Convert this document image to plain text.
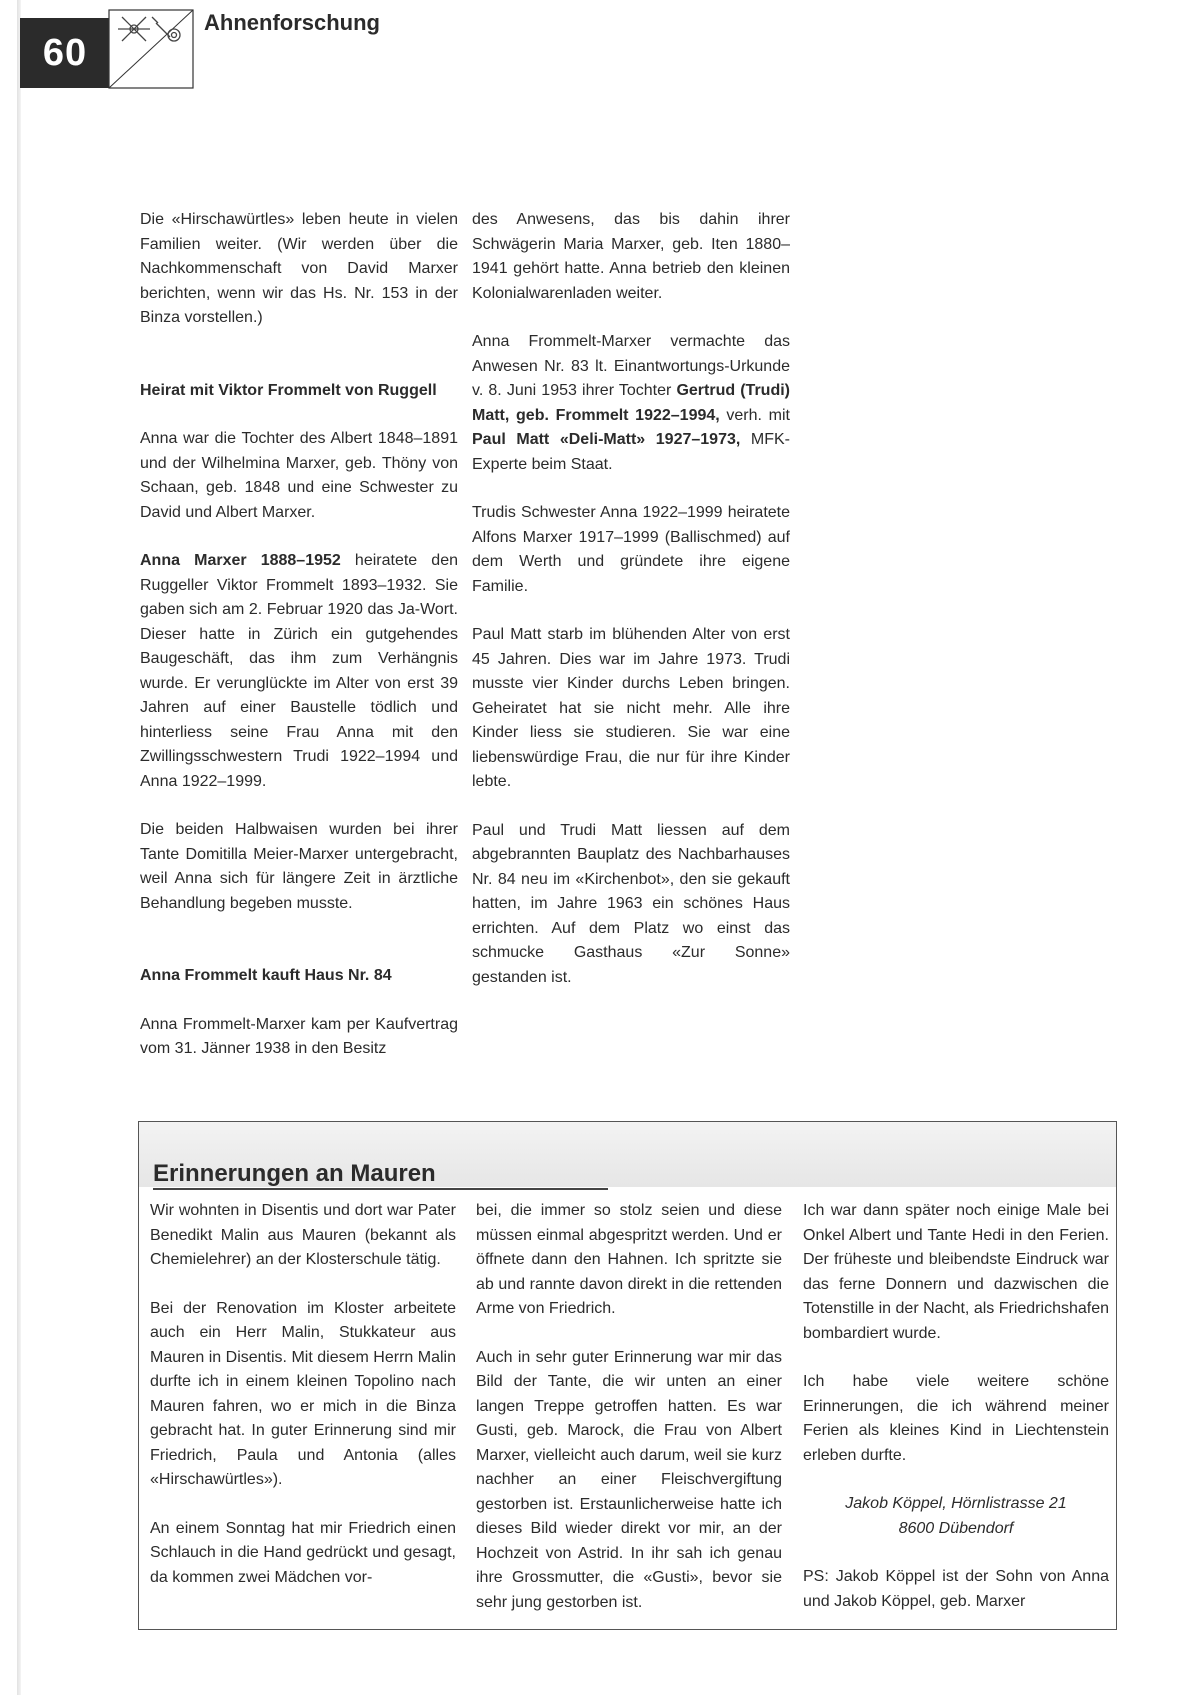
60
Ahnenforschung

Die «Hirschawürtles» leben heute in vielen Familien weiter. (Wir werden über die Nachkommenschaft von David Marxer berichten, wenn wir das Hs. Nr. 153 in der Binza vorstellen.)

Heirat mit Viktor Frommelt von Ruggell

Anna war die Tochter des Albert 1848–1891 und der Wilhelmina Marxer, geb. Thöny von Schaan, geb. 1848 und eine Schwester zu David und Albert Marxer.

Anna Marxer 1888–1952 heiratete den Ruggeller Viktor Frommelt 1893–1932. Sie gaben sich am 2. Februar 1920 das Ja-Wort. Dieser hatte in Zürich ein gutgehendes Baugeschäft, das ihm zum Verhängnis wurde. Er verunglückte im Alter von erst 39 Jahren auf einer Baustelle tödlich und hinterliess seine Frau Anna mit den Zwillingsschwestern Trudi 1922–1994 und Anna 1922–1999.

Die beiden Halbwaisen wurden bei ihrer Tante Domitilla Meier-Marxer untergebracht, weil Anna sich für längere Zeit in ärztliche Behandlung begeben musste.

Anna Frommelt kauft Haus Nr. 84

Anna Frommelt-Marxer kam per Kaufvertrag vom 31. Jänner 1938 in den Besitz

des Anwesens, das bis dahin ihrer Schwägerin Maria Marxer, geb. Iten 1880–1941 gehört hatte. Anna betrieb den kleinen Kolonialwarenladen weiter.

Anna Frommelt-Marxer vermachte das Anwesen Nr. 83 lt. Einantwortungs-Urkunde v. 8. Juni 1953 ihrer Tochter Gertrud (Trudi) Matt, geb. Frommelt 1922–1994, verh. mit Paul Matt «Deli-Matt» 1927–1973, MFK-Experte beim Staat.

Trudis Schwester Anna 1922–1999 heiratete Alfons Marxer 1917–1999 (Ballischmed) auf dem Werth und gründete ihre eigene Familie.

Paul Matt starb im blühenden Alter von erst 45 Jahren. Dies war im Jahre 1973. Trudi musste vier Kinder durchs Leben bringen. Geheiratet hat sie nicht mehr. Alle ihre Kinder liess sie studieren. Sie war eine liebenswürdige Frau, die nur für ihre Kinder lebte.

Paul und Trudi Matt liessen auf dem abgebrannten Bauplatz des Nachbarhauses Nr. 84 neu im «Kirchenbot», den sie gekauft hatten, im Jahre 1963 ein schönes Haus errichten. Auf dem Platz wo einst das schmucke Gasthaus «Zur Sonne» gestanden ist.

Erinnerungen an Mauren

Wir wohnten in Disentis und dort war Pater Benedikt Malin aus Mauren (bekannt als Chemielehrer) an der Klosterschule tätig.

Bei der Renovation im Kloster arbeitete auch ein Herr Malin, Stukkateur aus Mauren in Disentis. Mit diesem Herrn Malin durfte ich in einem kleinen Topolino nach Mauren fahren, wo er mich in die Binza gebracht hat. In guter Erinnerung sind mir Friedrich, Paula und Antonia (alles «Hirschawürtles»).

An einem Sonntag hat mir Friedrich einen Schlauch in die Hand gedrückt und gesagt, da kommen zwei Mädchen vor-

bei, die immer so stolz seien und diese müssen einmal abgespritzt werden. Und er öffnete dann den Hahnen. Ich spritzte sie ab und rannte davon direkt in die rettenden Arme von Friedrich.

Auch in sehr guter Erinnerung war mir das Bild der Tante, die wir unten an einer langen Treppe getroffen hatten. Es war Gusti, geb. Marock, die Frau von Albert Marxer, vielleicht auch darum, weil sie kurz nachher an einer Fleischvergiftung gestorben ist. Erstaunlicherweise hatte ich dieses Bild wieder direkt vor mir, an der Hochzeit von Astrid. In ihr sah ich genau ihre Grossmutter, die «Gusti», bevor sie sehr jung gestorben ist.

Ich war dann später noch einige Male bei Onkel Albert und Tante Hedi in den Ferien. Der früheste und bleibendste Eindruck war das ferne Donnern und dazwischen die Totenstille in der Nacht, als Friedrichshafen bombardiert wurde.

Ich habe viele weitere schöne Erinnerungen, die ich während meiner Ferien als kleines Kind in Liechtenstein erleben durfte.

Jakob Köppel, Hörnlistrasse 21
8600 Dübendorf

PS: Jakob Köppel ist der Sohn von Anna und Jakob Köppel, geb. Marxer
